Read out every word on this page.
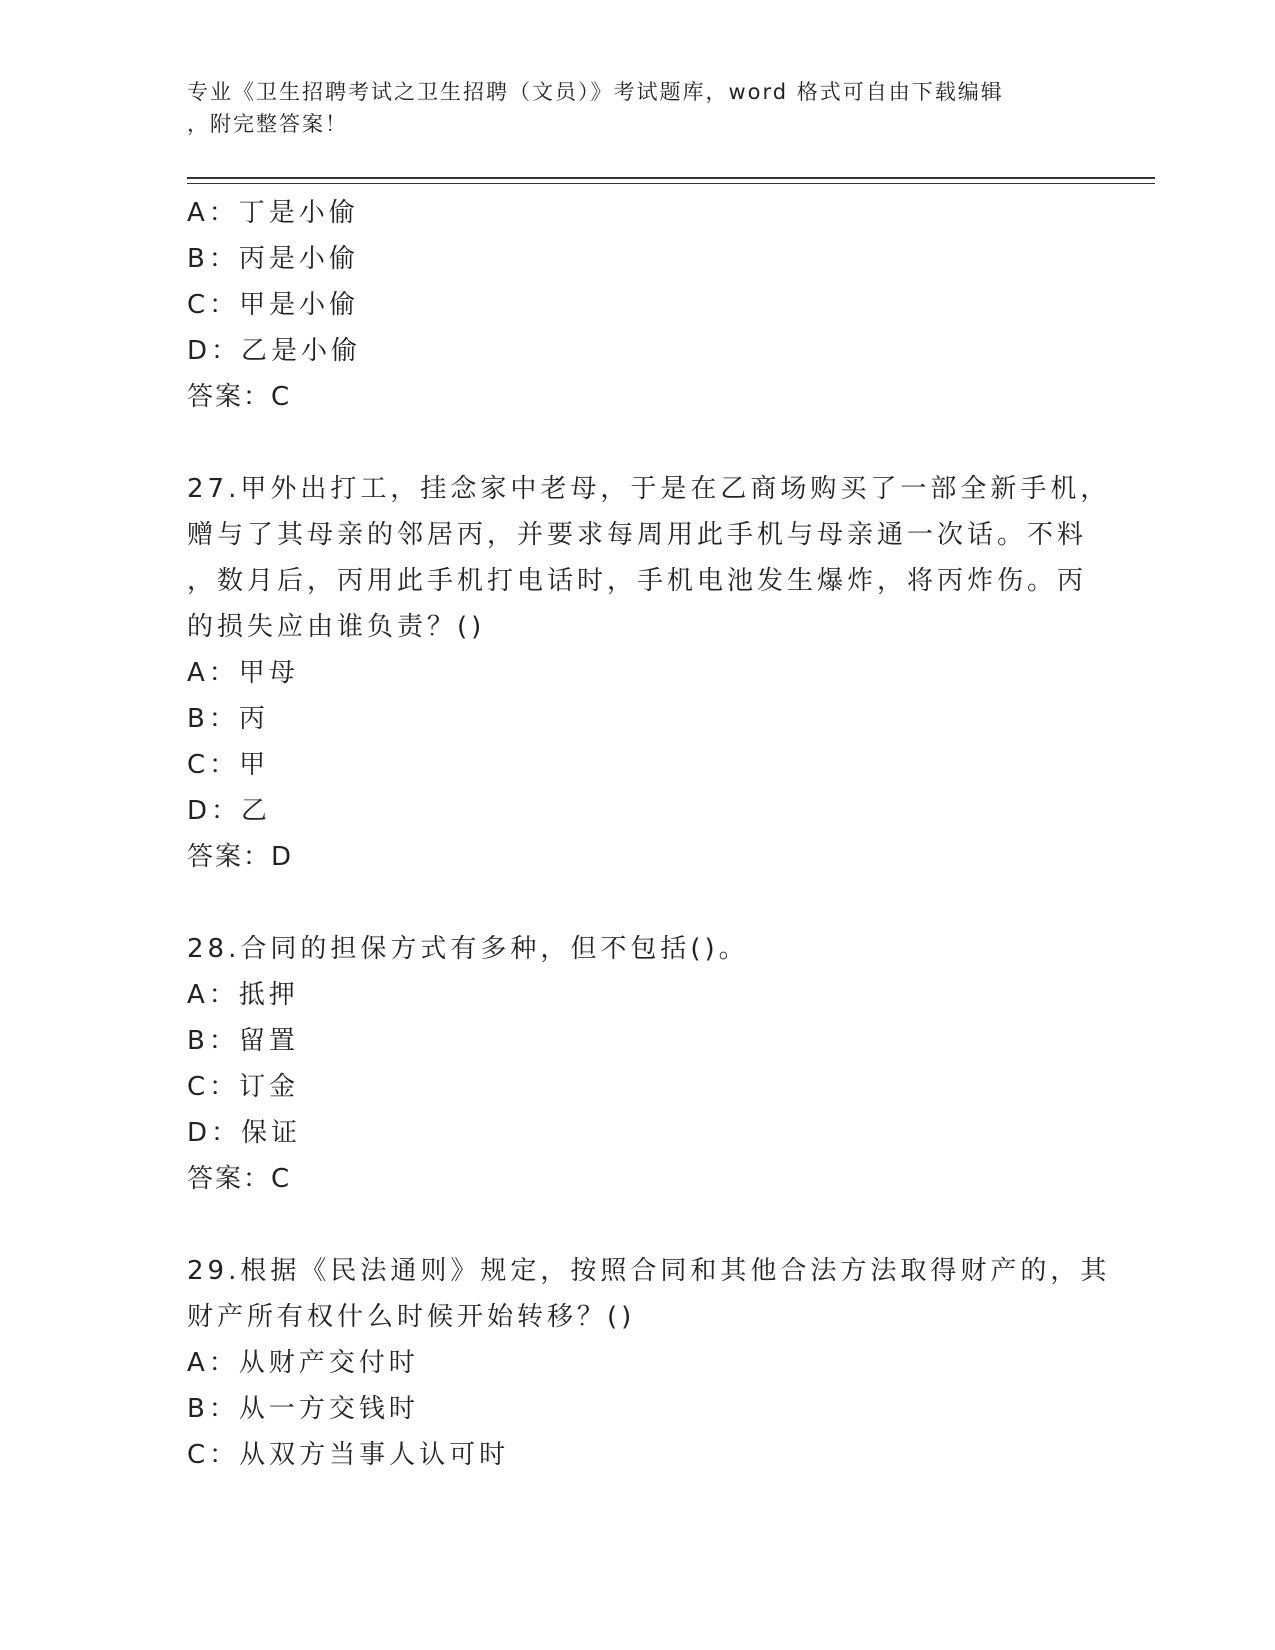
专业《卫生招聘考试之卫生招聘（文员）》考试题库，word 格式可自由下载编辑
，附完整答案！
A：丁是小偷
B：丙是小偷
C：甲是小偷
D：乙是小偷
答案：C
27.甲外出打工，挂念家中老母，于是在乙商场购买了一部全新手机，
赠与了其母亲的邻居丙，并要求每周用此手机与母亲通一次话。不料
，数月后，丙用此手机打电话时，手机电池发生爆炸，将丙炸伤。丙
的损失应由谁负责？()
A：甲母
B：丙
C：甲
D：乙
答案：D
28.合同的担保方式有多种，但不包括()。
A：抵押
B：留置
C：订金
D：保证
答案：C
29.根据《民法通则》规定，按照合同和其他合法方法取得财产的，其
财产所有权什么时候开始转移？()
A：从财产交付时
B：从一方交钱时
C：从双方当事人认可时
